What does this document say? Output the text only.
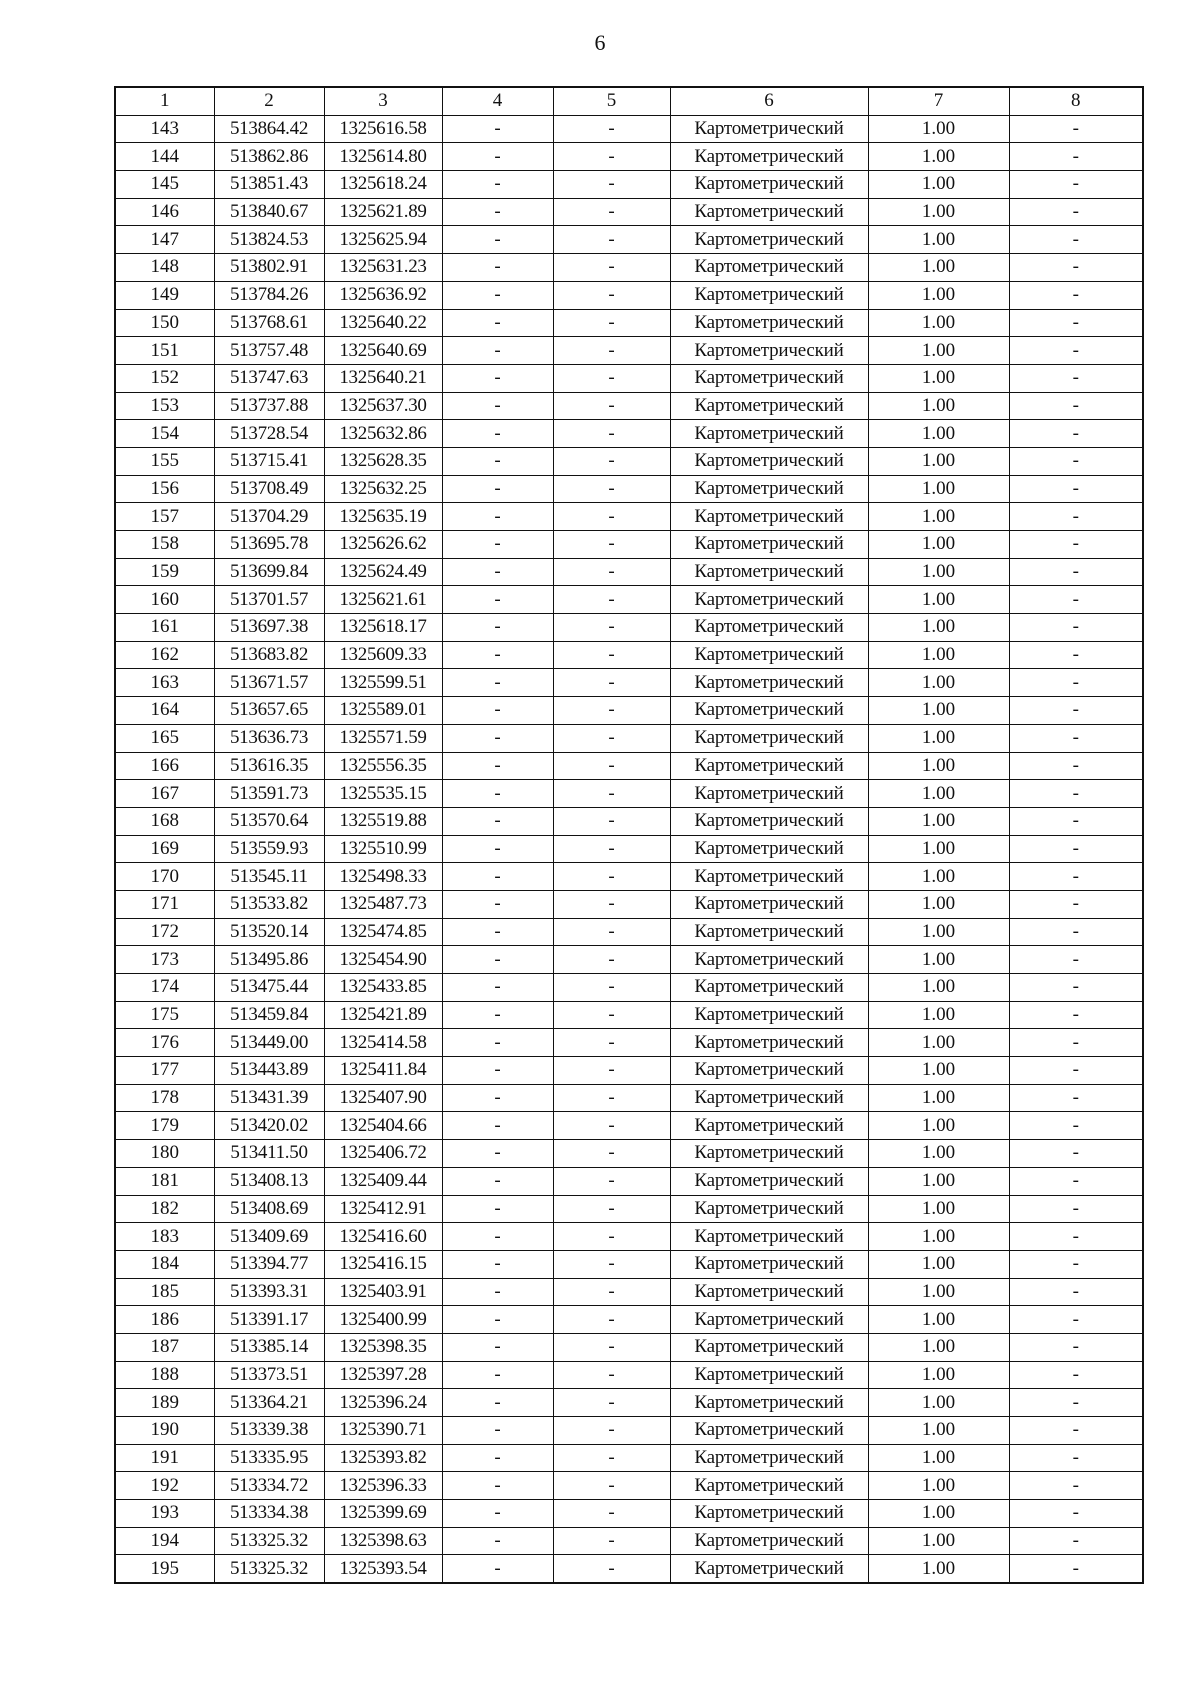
6
1	2	3	4	5	6	7	8
143	513864.42	1325616.58	-	-	Картометрический	1.00	-
144	513862.86	1325614.80	-	-	Картометрический	1.00	-
145	513851.43	1325618.24	-	-	Картометрический	1.00	-
146	513840.67	1325621.89	-	-	Картометрический	1.00	-
147	513824.53	1325625.94	-	-	Картометрический	1.00	-
148	513802.91	1325631.23	-	-	Картометрический	1.00	-
149	513784.26	1325636.92	-	-	Картометрический	1.00	-
150	513768.61	1325640.22	-	-	Картометрический	1.00	-
151	513757.48	1325640.69	-	-	Картометрический	1.00	-
152	513747.63	1325640.21	-	-	Картометрический	1.00	-
153	513737.88	1325637.30	-	-	Картометрический	1.00	-
154	513728.54	1325632.86	-	-	Картометрический	1.00	-
155	513715.41	1325628.35	-	-	Картометрический	1.00	-
156	513708.49	1325632.25	-	-	Картометрический	1.00	-
157	513704.29	1325635.19	-	-	Картометрический	1.00	-
158	513695.78	1325626.62	-	-	Картометрический	1.00	-
159	513699.84	1325624.49	-	-	Картометрический	1.00	-
160	513701.57	1325621.61	-	-	Картометрический	1.00	-
161	513697.38	1325618.17	-	-	Картометрический	1.00	-
162	513683.82	1325609.33	-	-	Картометрический	1.00	-
163	513671.57	1325599.51	-	-	Картометрический	1.00	-
164	513657.65	1325589.01	-	-	Картометрический	1.00	-
165	513636.73	1325571.59	-	-	Картометрический	1.00	-
166	513616.35	1325556.35	-	-	Картометрический	1.00	-
167	513591.73	1325535.15	-	-	Картометрический	1.00	-
168	513570.64	1325519.88	-	-	Картометрический	1.00	-
169	513559.93	1325510.99	-	-	Картометрический	1.00	-
170	513545.11	1325498.33	-	-	Картометрический	1.00	-
171	513533.82	1325487.73	-	-	Картометрический	1.00	-
172	513520.14	1325474.85	-	-	Картометрический	1.00	-
173	513495.86	1325454.90	-	-	Картометрический	1.00	-
174	513475.44	1325433.85	-	-	Картометрический	1.00	-
175	513459.84	1325421.89	-	-	Картометрический	1.00	-
176	513449.00	1325414.58	-	-	Картометрический	1.00	-
177	513443.89	1325411.84	-	-	Картометрический	1.00	-
178	513431.39	1325407.90	-	-	Картометрический	1.00	-
179	513420.02	1325404.66	-	-	Картометрический	1.00	-
180	513411.50	1325406.72	-	-	Картометрический	1.00	-
181	513408.13	1325409.44	-	-	Картометрический	1.00	-
182	513408.69	1325412.91	-	-	Картометрический	1.00	-
183	513409.69	1325416.60	-	-	Картометрический	1.00	-
184	513394.77	1325416.15	-	-	Картометрический	1.00	-
185	513393.31	1325403.91	-	-	Картометрический	1.00	-
186	513391.17	1325400.99	-	-	Картометрический	1.00	-
187	513385.14	1325398.35	-	-	Картометрический	1.00	-
188	513373.51	1325397.28	-	-	Картометрический	1.00	-
189	513364.21	1325396.24	-	-	Картометрический	1.00	-
190	513339.38	1325390.71	-	-	Картометрический	1.00	-
191	513335.95	1325393.82	-	-	Картометрический	1.00	-
192	513334.72	1325396.33	-	-	Картометрический	1.00	-
193	513334.38	1325399.69	-	-	Картометрический	1.00	-
194	513325.32	1325398.63	-	-	Картометрический	1.00	-
195	513325.32	1325393.54	-	-	Картометрический	1.00	-
